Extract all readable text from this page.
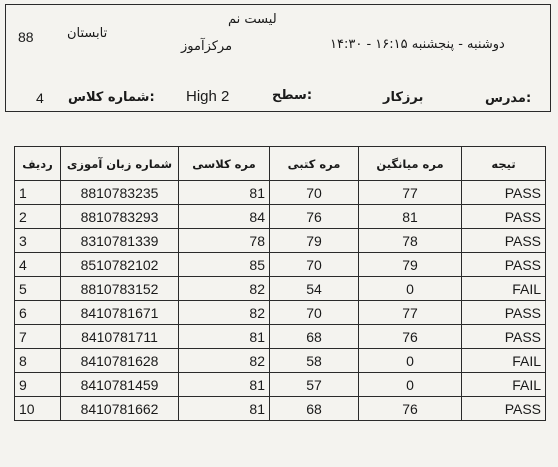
لیست نم
مرکزآموز
تابستان
88	دوشنبه - پنجشنبه ۱۶:۱۵ - ۱۴:۳۰
4 شماره کلاس: High 2	سطح:	برزکار	مدرس:
ردیف	شماره زبان آموزی	مره کلاسی	مره کتبی	مره میانگین	تیجه
1	8810783235	81	70	77	PASS
2	8810783293	84	76	81	PASS
3	8310781339	78	79	78	PASS
4	8510782102	85	70	79	PASS
5	8810783152	82	54	0	FAIL
6	8410781671	82	70	77	PASS
7	8410781711	81	68	76	PASS
8	8410781628	82	58	0	FAIL
9	8410781459	81	57	0	FAIL
10	8410781662	81	68	76	PASS
